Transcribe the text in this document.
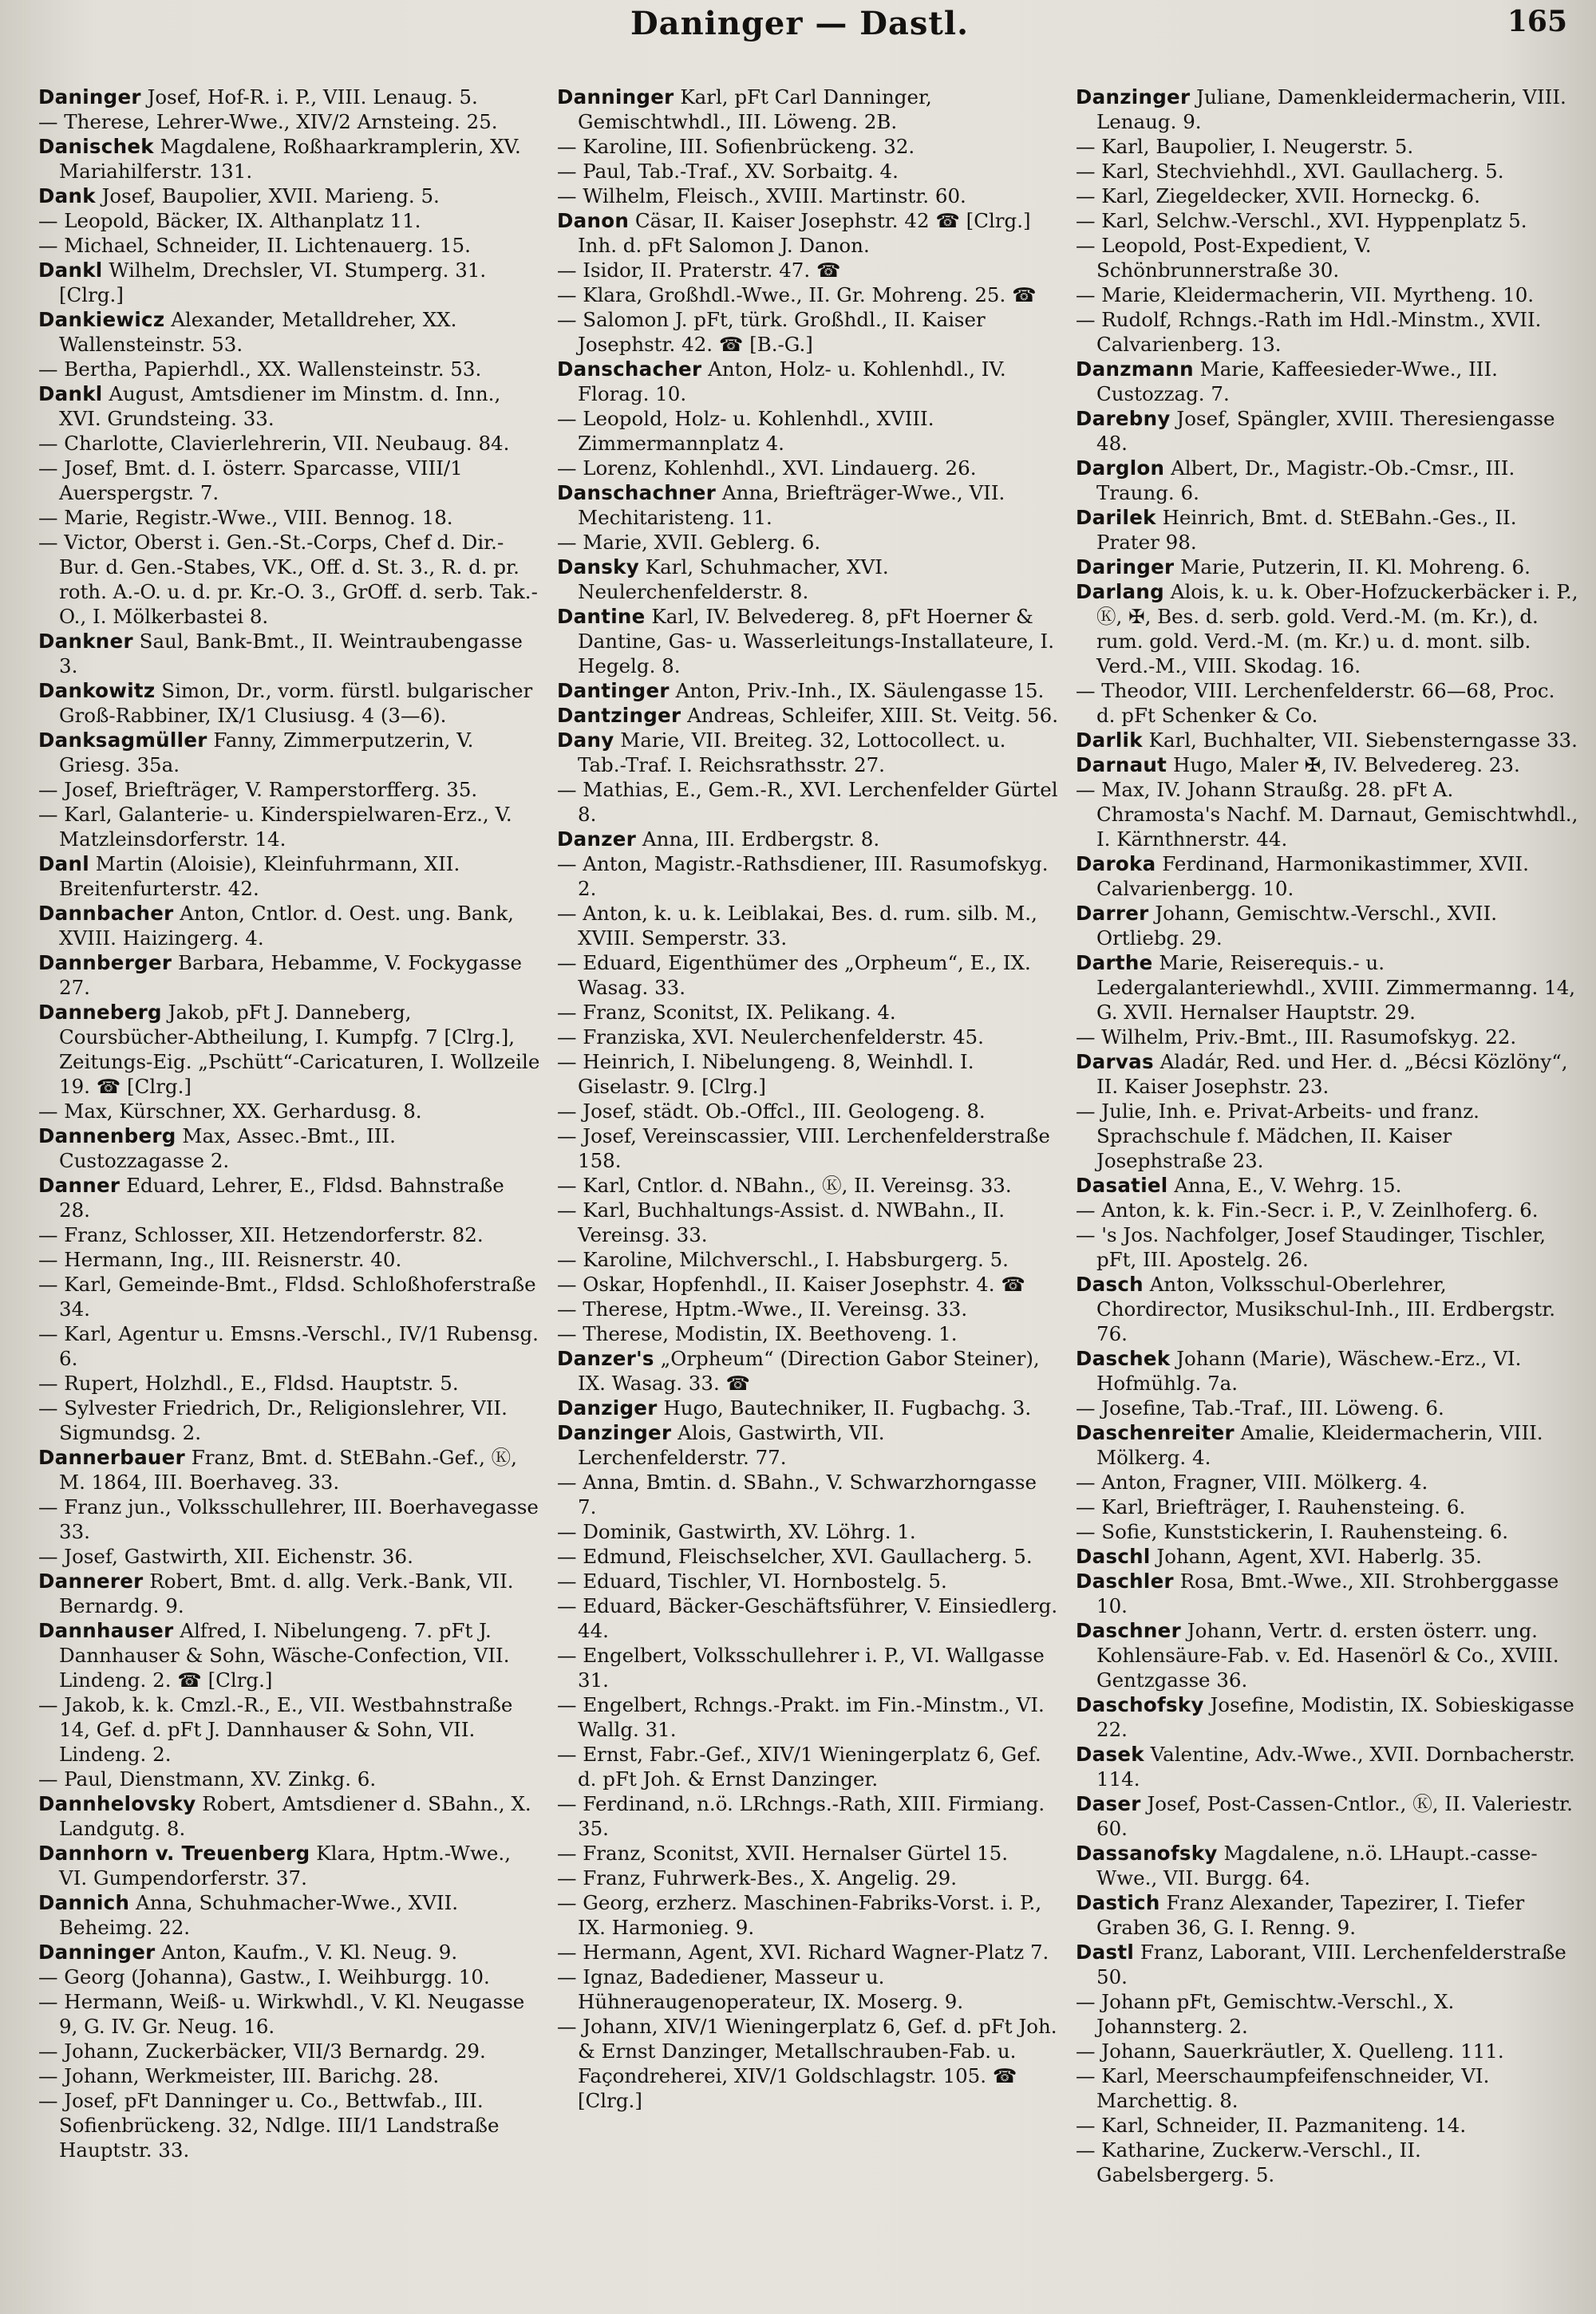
Daninger — Dastl.	165

Daninger Josef, Hof-R. i. P., VIII. Lenaug. 5.

— Therese, Lehrer-Wwe., XIV/2 Arnsteing. 25.

Danischek Magdalene, Roßhaarkramplerin, XV. Mariahilferstr. 131.

Dank Josef, Baupolier, XVII. Marieng. 5.

— Leopold, Bäcker, IX. Althanplatz 11.

— Michael, Schneider, II. Lichtenauerg. 15.

Dankl Wilhelm, Drechsler, VI. Stumperg. 31. [Clrg.]

Dankiewicz Alexander, Metalldreher, XX. Wallensteinstr. 53.

— Bertha, Papierhdl., XX. Wallensteinstr. 53.

Dankl August, Amtsdiener im Minstm. d. Inn., XVI. Grundsteing. 33.

— Charlotte, Clavierlehrerin, VII. Neubaug. 84.

— Josef, Bmt. d. I. österr. Sparcasse, VIII/1 Auerspergstr. 7.

— Marie, Registr.-Wwe., VIII. Bennog. 18.

— Victor, Oberst i. Gen.-St.-Corps, Chef d. Dir.-Bur. d. Gen.-Stabes, VK., Off. d. St. 3., R. d. pr. roth. A.-O. u. d. pr. Kr.-O. 3., GrOff. d. serb. Tak.-O., I. Mölkerbastei 8.

Dankner Saul, Bank-Bmt., II. Weintraubengasse 3.

Dankowitz Simon, Dr., vorm. fürstl. bulgarischer Groß-Rabbiner, IX/1 Clusiusg. 4 (3—6).

Danksagmüller Fanny, Zimmerputzerin, V. Griesg. 35a.

— Josef, Briefträger, V. Ramperstorfferg. 35.

— Karl, Galanterie- u. Kinderspielwaren-Erz., V. Matzleinsdorferstr. 14.

Danl Martin (Aloisie), Kleinfuhrmann, XII. Breitenfurterstr. 42.

Dannbacher Anton, Cntlor. d. Oest. ung. Bank, XVIII. Haizingerg. 4.

Dannberger Barbara, Hebamme, V. Fockygasse 27.

Danneberg Jakob, pFt J. Danneberg, Coursbücher-Abtheilung, I. Kumpfg. 7 [Clrg.], Zeitungs-Eig. „Pschütt“-Caricaturen, I. Wollzeile 19. ☎ [Clrg.]

— Max, Kürschner, XX. Gerhardusg. 8.

Dannenberg Max, Assec.-Bmt., III. Custozzagasse 2.

Danner Eduard, Lehrer, E., Fldsd. Bahnstraße 28.

— Franz, Schlosser, XII. Hetzendorferstr. 82.

— Hermann, Ing., III. Reisnerstr. 40.

— Karl, Gemeinde-Bmt., Fldsd. Schloßhoferstraße 34.

— Karl, Agentur u. Emsns.-Verschl., IV/1 Rubensg. 6.

— Rupert, Holzhdl., E., Fldsd. Hauptstr. 5.

— Sylvester Friedrich, Dr., Religionslehrer, VII. Sigmundsg. 2.

Dannerbauer Franz, Bmt. d. StEBahn.-Gef., Ⓚ, M. 1864, III. Boerhaveg. 33.

— Franz jun., Volksschullehrer, III. Boerhavegasse 33.

— Josef, Gastwirth, XII. Eichenstr. 36.

Dannerer Robert, Bmt. d. allg. Verk.-Bank, VII. Bernardg. 9.

Dannhauser Alfred, I. Nibelungeng. 7. pFt J. Dannhauser & Sohn, Wäsche-Confection, VII. Lindeng. 2. ☎ [Clrg.]

— Jakob, k. k. Cmzl.-R., E., VII. Westbahnstraße 14, Gef. d. pFt J. Dannhauser & Sohn, VII. Lindeng. 2.

— Paul, Dienstmann, XV. Zinkg. 6.

Dannhelovsky Robert, Amtsdiener d. SBahn., X. Landgutg. 8.

Dannhorn v. Treuenberg Klara, Hptm.-Wwe., VI. Gumpendorferstr. 37.

Dannich Anna, Schuhmacher-Wwe., XVII. Beheimg. 22.

Danninger Anton, Kaufm., V. Kl. Neug. 9.

— Georg (Johanna), Gastw., I. Weihburgg. 10.

— Hermann, Weiß- u. Wirkwhdl., V. Kl. Neugasse 9, G. IV. Gr. Neug. 16.

— Johann, Zuckerbäcker, VII/3 Bernardg. 29.

— Johann, Werkmeister, III. Barichg. 28.

— Josef, pFt Danninger u. Co., Bettwfab., III. Sofienbrückeng. 32, Ndlge. III/1 Landstraße Hauptstr. 33.

Danninger Karl, pFt Carl Danninger, Gemischtwhdl., III. Löweng. 2B.

— Karoline, III. Sofienbrückeng. 32.

— Paul, Tab.-Traf., XV. Sorbaitg. 4.

— Wilhelm, Fleisch., XVIII. Martinstr. 60.

Danon Cäsar, II. Kaiser Josephstr. 42 ☎ [Clrg.] Inh. d. pFt Salomon J. Danon.

— Isidor, II. Praterstr. 47. ☎

— Klara, Großhdl.-Wwe., II. Gr. Mohreng. 25. ☎

— Salomon J. pFt, türk. Großhdl., II. Kaiser Josephstr. 42. ☎ [B.-G.]

Danschacher Anton, Holz- u. Kohlenhdl., IV. Florag. 10.

— Leopold, Holz- u. Kohlenhdl., XVIII. Zimmermannplatz 4.

— Lorenz, Kohlenhdl., XVI. Lindauerg. 26.

Danschachner Anna, Briefträger-Wwe., VII. Mechitaristeng. 11.

— Marie, XVII. Geblerg. 6.

Dansky Karl, Schuhmacher, XVI. Neulerchenfelderstr. 8.

Dantine Karl, IV. Belvedereg. 8, pFt Hoerner & Dantine, Gas- u. Wasserleitungs-Installateure, I. Hegelg. 8.

Dantinger Anton, Priv.-Inh., IX. Säulengasse 15.

Dantzinger Andreas, Schleifer, XIII. St. Veitg. 56.

Dany Marie, VII. Breiteg. 32, Lottocollect. u. Tab.-Traf. I. Reichsrathsstr. 27.

— Mathias, E., Gem.-R., XVI. Lerchenfelder Gürtel 8.

Danzer Anna, III. Erdbergstr. 8.

— Anton, Magistr.-Rathsdiener, III. Rasumofskyg. 2.

— Anton, k. u. k. Leiblakai, Bes. d. rum. silb. M., XVIII. Semperstr. 33.

— Eduard, Eigenthümer des „Orpheum“, E., IX. Wasag. 33.

— Franz, Sconitst, IX. Pelikang. 4.

— Franziska, XVI. Neulerchenfelderstr. 45.

— Heinrich, I. Nibelungeng. 8, Weinhdl. I. Giselastr. 9. [Clrg.]

— Josef, städt. Ob.-Offcl., III. Geologeng. 8.

— Josef, Vereinscassier, VIII. Lerchenfelderstraße 158.

— Karl, Cntlor. d. NBahn., Ⓚ, II. Vereinsg. 33.

— Karl, Buchhaltungs-Assist. d. NWBahn., II. Vereinsg. 33.

— Karoline, Milchverschl., I. Habsburgerg. 5.

— Oskar, Hopfenhdl., II. Kaiser Josephstr. 4. ☎

— Therese, Hptm.-Wwe., II. Vereinsg. 33.

— Therese, Modistin, IX. Beethoveng. 1.

Danzer's „Orpheum“ (Direction Gabor Steiner), IX. Wasag. 33. ☎

Danziger Hugo, Bautechniker, II. Fugbachg. 3.

Danzinger Alois, Gastwirth, VII. Lerchenfelderstr. 77.

— Anna, Bmtin. d. SBahn., V. Schwarzhorngasse 7.

— Dominik, Gastwirth, XV. Löhrg. 1.

— Edmund, Fleischselcher, XVI. Gaullacherg. 5.

— Eduard, Tischler, VI. Hornbostelg. 5.

— Eduard, Bäcker-Geschäftsführer, V. Einsiedlerg. 44.

— Engelbert, Volksschullehrer i. P., VI. Wallgasse 31.

— Engelbert, Rchngs.-Prakt. im Fin.-Minstm., VI. Wallg. 31.

— Ernst, Fabr.-Gef., XIV/1 Wieningerplatz 6, Gef. d. pFt Joh. & Ernst Danzinger.

— Ferdinand, n.ö. LRchngs.-Rath, XIII. Firmiang. 35.

— Franz, Sconitst, XVII. Hernalser Gürtel 15.

— Franz, Fuhrwerk-Bes., X. Angelig. 29.

— Georg, erzherz. Maschinen-Fabriks-Vorst. i. P., IX. Harmonieg. 9.

— Hermann, Agent, XVI. Richard Wagner-Platz 7.

— Ignaz, Badediener, Masseur u. Hühneraugenoperateur, IX. Moserg. 9.

— Johann, XIV/1 Wieningerplatz 6, Gef. d. pFt Joh. & Ernst Danzinger, Metallschrauben-Fab. u. Façondreherei, XIV/1 Goldschlagstr. 105. ☎ [Clrg.]

Danzinger Juliane, Damenkleidermacherin, VIII. Lenaug. 9.

— Karl, Baupolier, I. Neugerstr. 5.

— Karl, Stechviehhdl., XVI. Gaullacherg. 5.

— Karl, Ziegeldecker, XVII. Horneckg. 6.

— Karl, Selchw.-Verschl., XVI. Hyppenplatz 5.

— Leopold, Post-Expedient, V. Schönbrunnerstraße 30.

— Marie, Kleidermacherin, VII. Myrtheng. 10.

— Rudolf, Rchngs.-Rath im Hdl.-Minstm., XVII. Calvarienberg. 13.

Danzmann Marie, Kaffeesieder-Wwe., III. Custozzag. 7.

Darebny Josef, Spängler, XVIII. Theresiengasse 48.

Darglon Albert, Dr., Magistr.-Ob.-Cmsr., III. Traung. 6.

Darilek Heinrich, Bmt. d. StEBahn.-Ges., II. Prater 98.

Daringer Marie, Putzerin, II. Kl. Mohreng. 6.

Darlang Alois, k. u. k. Ober-Hofzuckerbäcker i. P., Ⓚ, ✠, Bes. d. serb. gold. Verd.-M. (m. Kr.), d. rum. gold. Verd.-M. (m. Kr.) u. d. mont. silb. Verd.-M., VIII. Skodag. 16.

— Theodor, VIII. Lerchenfelderstr. 66—68, Proc. d. pFt Schenker & Co.

Darlik Karl, Buchhalter, VII. Siebensterngasse 33.

Darnaut Hugo, Maler ✠, IV. Belvedereg. 23.

— Max, IV. Johann Straußg. 28. pFt A. Chramosta's Nachf. M. Darnaut, Gemischtwhdl., I. Kärnthnerstr. 44.

Daroka Ferdinand, Harmonikastimmer, XVII. Calvarienbergg. 10.

Darrer Johann, Gemischtw.-Verschl., XVII. Ortliebg. 29.

Darthe Marie, Reiserequis.- u. Ledergalanteriewhdl., XVIII. Zimmermanng. 14, G. XVII. Hernalser Hauptstr. 29.

— Wilhelm, Priv.-Bmt., III. Rasumofskyg. 22.

Darvas Aladár, Red. und Her. d. „Bécsi Közlöny“, II. Kaiser Josephstr. 23.

— Julie, Inh. e. Privat-Arbeits- und franz. Sprachschule f. Mädchen, II. Kaiser Josephstraße 23.

Dasatiel Anna, E., V. Wehrg. 15.

— Anton, k. k. Fin.-Secr. i. P., V. Zeinlhoferg. 6.

— 's Jos. Nachfolger, Josef Staudinger, Tischler, pFt, III. Apostelg. 26.

Dasch Anton, Volksschul-Oberlehrer, Chordirector, Musikschul-Inh., III. Erdbergstr. 76.

Daschek Johann (Marie), Wäschew.-Erz., VI. Hofmühlg. 7a.

— Josefine, Tab.-Traf., III. Löweng. 6.

Daschenreiter Amalie, Kleidermacherin, VIII. Mölkerg. 4.

— Anton, Fragner, VIII. Mölkerg. 4.

— Karl, Briefträger, I. Rauhensteing. 6.

— Sofie, Kunststickerin, I. Rauhensteing. 6.

Daschl Johann, Agent, XVI. Haberlg. 35.

Daschler Rosa, Bmt.-Wwe., XII. Strohberggasse 10.

Daschner Johann, Vertr. d. ersten österr. ung. Kohlensäure-Fab. v. Ed. Hasenörl & Co., XVIII. Gentzgasse 36.

Daschofsky Josefine, Modistin, IX. Sobieskigasse 22.

Dasek Valentine, Adv.-Wwe., XVII. Dornbacherstr. 114.

Daser Josef, Post-Cassen-Cntlor., Ⓚ, II. Valeriestr. 60.

Dassanofsky Magdalene, n.ö. LHaupt.-casse-Wwe., VII. Burgg. 64.

Dastich Franz Alexander, Tapezirer, I. Tiefer Graben 36, G. I. Renng. 9.

Dastl Franz, Laborant, VIII. Lerchenfelderstraße 50.

— Johann pFt, Gemischtw.-Verschl., X. Johannsterg. 2.

— Johann, Sauerkräutler, X. Quelleng. 111.

— Karl, Meerschaumpfeifenschneider, VI. Marchettig. 8.

— Karl, Schneider, II. Pazmaniteng. 14.

— Katharine, Zuckerw.-Verschl., II. Gabelsbergerg. 5.
